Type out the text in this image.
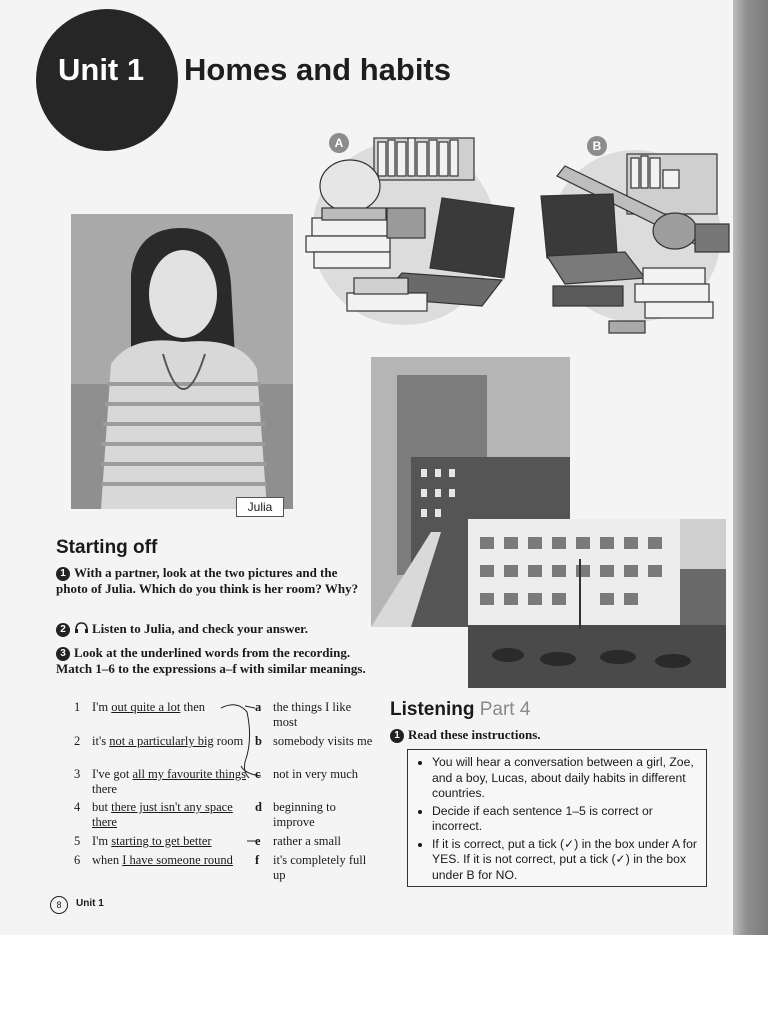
Unit 1 Homes and habits
A	B
Julia
Starting off
1 With a partner, look at the two pictures and the photo of Julia. Which do you think is her room? Why?
2 Listen to Julia, and check your answer.
3 Look at the underlined words from the recording. Match 1–6 to the expressions a–f with similar meanings.
1 I'm out quite a lot then
2 it's not a particularly big room
3 I've got all my favourite things there
4 but there just isn't any space there
5 I'm starting to get better
6 when I have someone round
a the things I like most
b somebody visits me
c not in very much
d beginning to improve
e rather a small
f it's completely full up
Listening Part 4
1 Read these instructions.
• You will hear a conversation between a girl, Zoe, and a boy, Lucas, about daily habits in different countries.
• Decide if each sentence 1–5 is correct or incorrect.
• If it is correct, put a tick (✓) in the box under A for YES. If it is not correct, put a tick (✓) in the box under B for NO.
8	Unit 1
